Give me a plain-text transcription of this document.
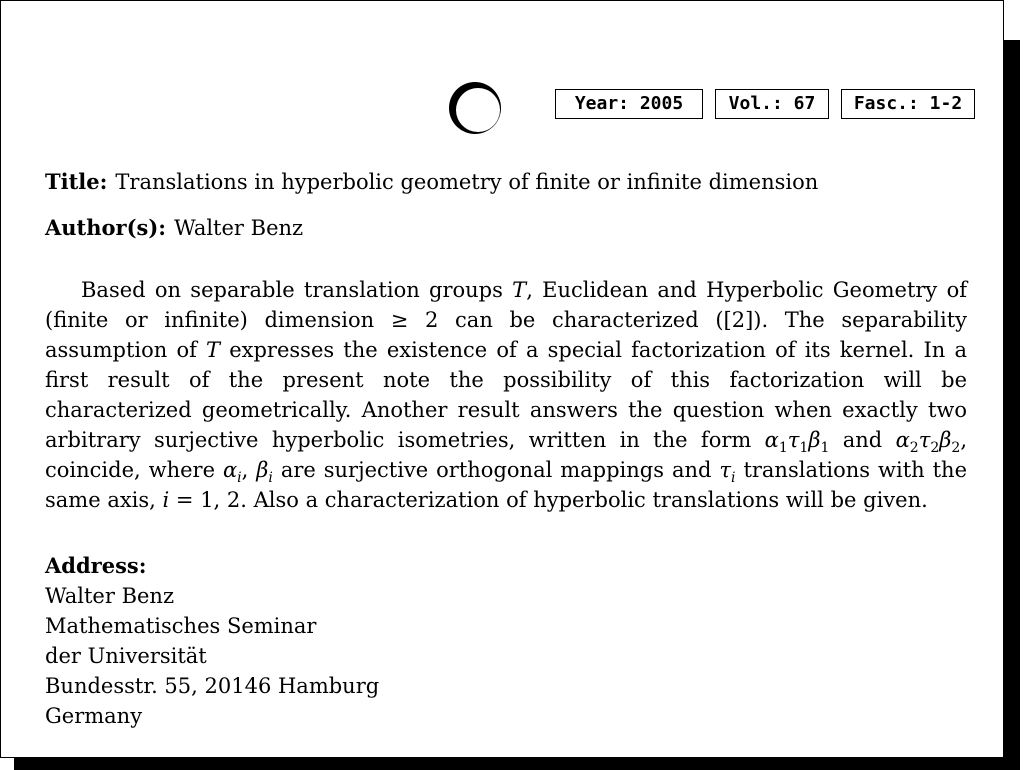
Year: 2005	Vol.: 67	Fasc.: 1-2
Title: Translations in hyperbolic geometry of finite or infinite dimension
Author(s): Walter Benz

Based on separable translation groups T, Euclidean and Hyperbolic Geometry of (finite or infinite) dimension ≥ 2 can be characterized ([2]). The separability assumption of T expresses the existence of a special factorization of its kernel. In a first result of the present note the possibility of this factorization will be characterized geometrically. Another result answers the question when exactly two arbitrary surjective hyperbolic isometries, written in the form $\alpha_1\tau_1\beta_1$ and $\alpha_2\tau_2\beta_2$, coincide, where $\alpha_i$, $\beta_i$ are surjective orthogonal mappings and $\tau_i$ translations with the same axis, i = 1, 2. Also a characterization of hyperbolic translations will be given.

Address:
Walter Benz
Mathematisches Seminar
der Universität
Bundesstr. 55, 20146 Hamburg
Germany
